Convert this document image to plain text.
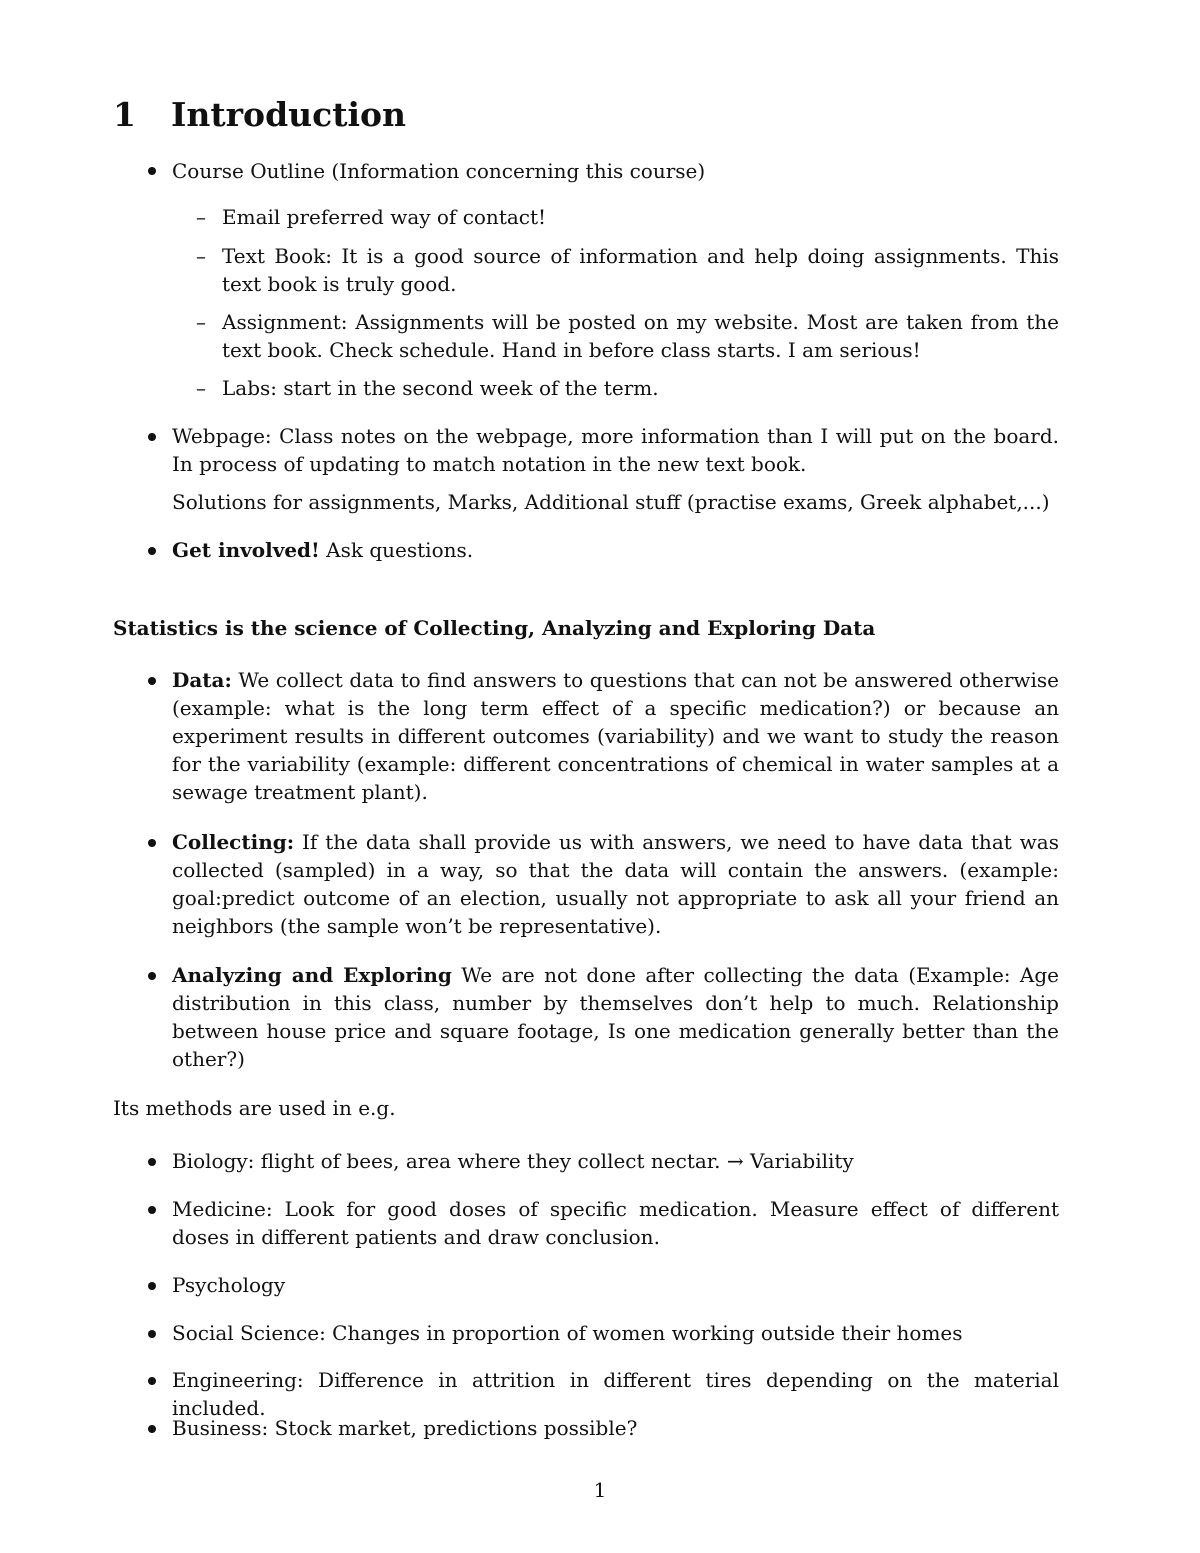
1 Introduction
Course Outline (Information concerning this course)
– Email preferred way of contact!
– Text Book: It is a good source of information and help doing assignments. This text book is truly good.
– Assignment: Assignments will be posted on my website. Most are taken from the text book. Check schedule. Hand in before class starts. I am serious!
– Labs: start in the second week of the term.
Webpage: Class notes on the webpage, more information than I will put on the board. In process of updating to match notation in the new text book.
Solutions for assignments, Marks, Additional stuff (practise exams, Greek alphabet,...)
Get involved! Ask questions.
Statistics is the science of Collecting, Analyzing and Exploring Data
Data: We collect data to find answers to questions that can not be answered otherwise (example: what is the long term effect of a specific medication?) or because an experiment results in different outcomes (variability) and we want to study the reason for the variability (example: different concentrations of chemical in water samples at a sewage treatment plant).
Collecting: If the data shall provide us with answers, we need to have data that was collected (sampled) in a way, so that the data will contain the answers. (example: goal:predict outcome of an election, usually not appropriate to ask all your friend an neighbors (the sample won’t be representative).
Analyzing and Exploring We are not done after collecting the data (Example: Age distribution in this class, number by themselves don’t help to much. Relationship between house price and square footage, Is one medication generally better than the other?)
Its methods are used in e.g.
Biology: flight of bees, area where they collect nectar. → Variability
Medicine: Look for good doses of specific medication. Measure effect of different doses in different patients and draw conclusion.
Psychology
Social Science: Changes in proportion of women working outside their homes
Engineering: Difference in attrition in different tires depending on the material included.
Business: Stock market, predictions possible?
1
